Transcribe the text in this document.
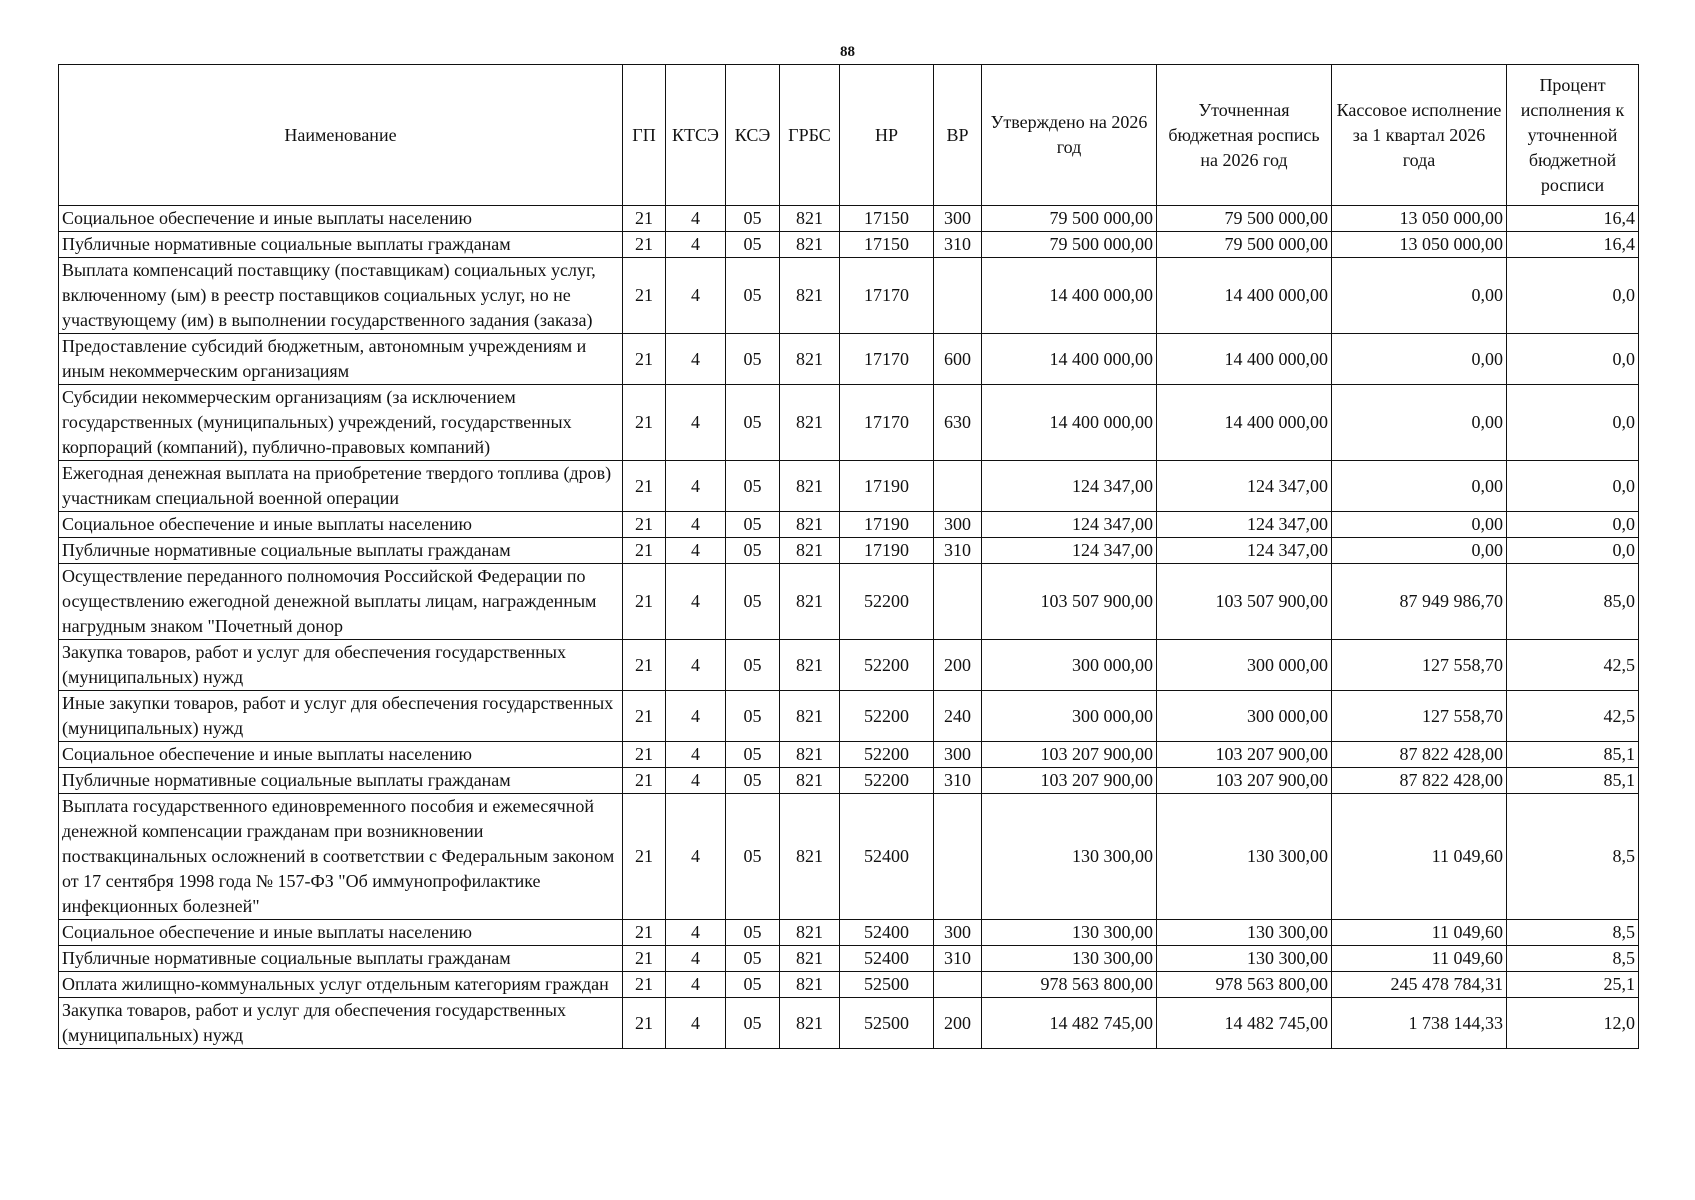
88
Наименование	ГП	КТСЭ	КСЭ	ГРБС	НР	ВР	Утверждено на 2026 год	Уточненная бюджетная роспись на 2026 год	Кассовое исполнение за 1 квартал 2026 года	Процент исполнения к уточненной бюджетной росписи
Социальное обеспечение и иные выплаты населению	21	4	05	821	17150	300	79 500 000,00	79 500 000,00	13 050 000,00	16,4
Публичные нормативные социальные выплаты гражданам	21	4	05	821	17150	310	79 500 000,00	79 500 000,00	13 050 000,00	16,4
Выплата компенсаций поставщику (поставщикам) социальных услуг, включенному (ым) в реестр поставщиков социальных услуг, но не участвующему (им) в выполнении государственного задания (заказа)	21	4	05	821	17170		14 400 000,00	14 400 000,00	0,00	0,0
Предоставление субсидий бюджетным, автономным учреждениям и иным некоммерческим организациям	21	4	05	821	17170	600	14 400 000,00	14 400 000,00	0,00	0,0
Субсидии некоммерческим организациям (за исключением государственных (муниципальных) учреждений, государственных корпораций (компаний), публично-правовых компаний)	21	4	05	821	17170	630	14 400 000,00	14 400 000,00	0,00	0,0
Ежегодная денежная выплата на приобретение твердого топлива (дров) участникам специальной военной операции	21	4	05	821	17190		124 347,00	124 347,00	0,00	0,0
Социальное обеспечение и иные выплаты населению	21	4	05	821	17190	300	124 347,00	124 347,00	0,00	0,0
Публичные нормативные социальные выплаты гражданам	21	4	05	821	17190	310	124 347,00	124 347,00	0,00	0,0
Осуществление переданного полномочия Российской Федерации по осуществлению ежегодной денежной выплаты лицам, награжденным нагрудным знаком "Почетный донор	21	4	05	821	52200		103 507 900,00	103 507 900,00	87 949 986,70	85,0
Закупка товаров, работ и услуг для обеспечения государственных (муниципальных) нужд	21	4	05	821	52200	200	300 000,00	300 000,00	127 558,70	42,5
Иные закупки товаров, работ и услуг для обеспечения государственных (муниципальных) нужд	21	4	05	821	52200	240	300 000,00	300 000,00	127 558,70	42,5
Социальное обеспечение и иные выплаты населению	21	4	05	821	52200	300	103 207 900,00	103 207 900,00	87 822 428,00	85,1
Публичные нормативные социальные выплаты гражданам	21	4	05	821	52200	310	103 207 900,00	103 207 900,00	87 822 428,00	85,1
Выплата государственного единовременного пособия и ежемесячной денежной компенсации гражданам при возникновении поствакцинальных осложнений в соответствии с Федеральным законом от 17 сентября 1998 года № 157-ФЗ "Об иммунопрофилактике инфекционных болезней"	21	4	05	821	52400		130 300,00	130 300,00	11 049,60	8,5
Социальное обеспечение и иные выплаты населению	21	4	05	821	52400	300	130 300,00	130 300,00	11 049,60	8,5
Публичные нормативные социальные выплаты гражданам	21	4	05	821	52400	310	130 300,00	130 300,00	11 049,60	8,5
Оплата жилищно-коммунальных услуг отдельным категориям граждан	21	4	05	821	52500		978 563 800,00	978 563 800,00	245 478 784,31	25,1
Закупка товаров, работ и услуг для обеспечения государственных (муниципальных) нужд	21	4	05	821	52500	200	14 482 745,00	14 482 745,00	1 738 144,33	12,0
